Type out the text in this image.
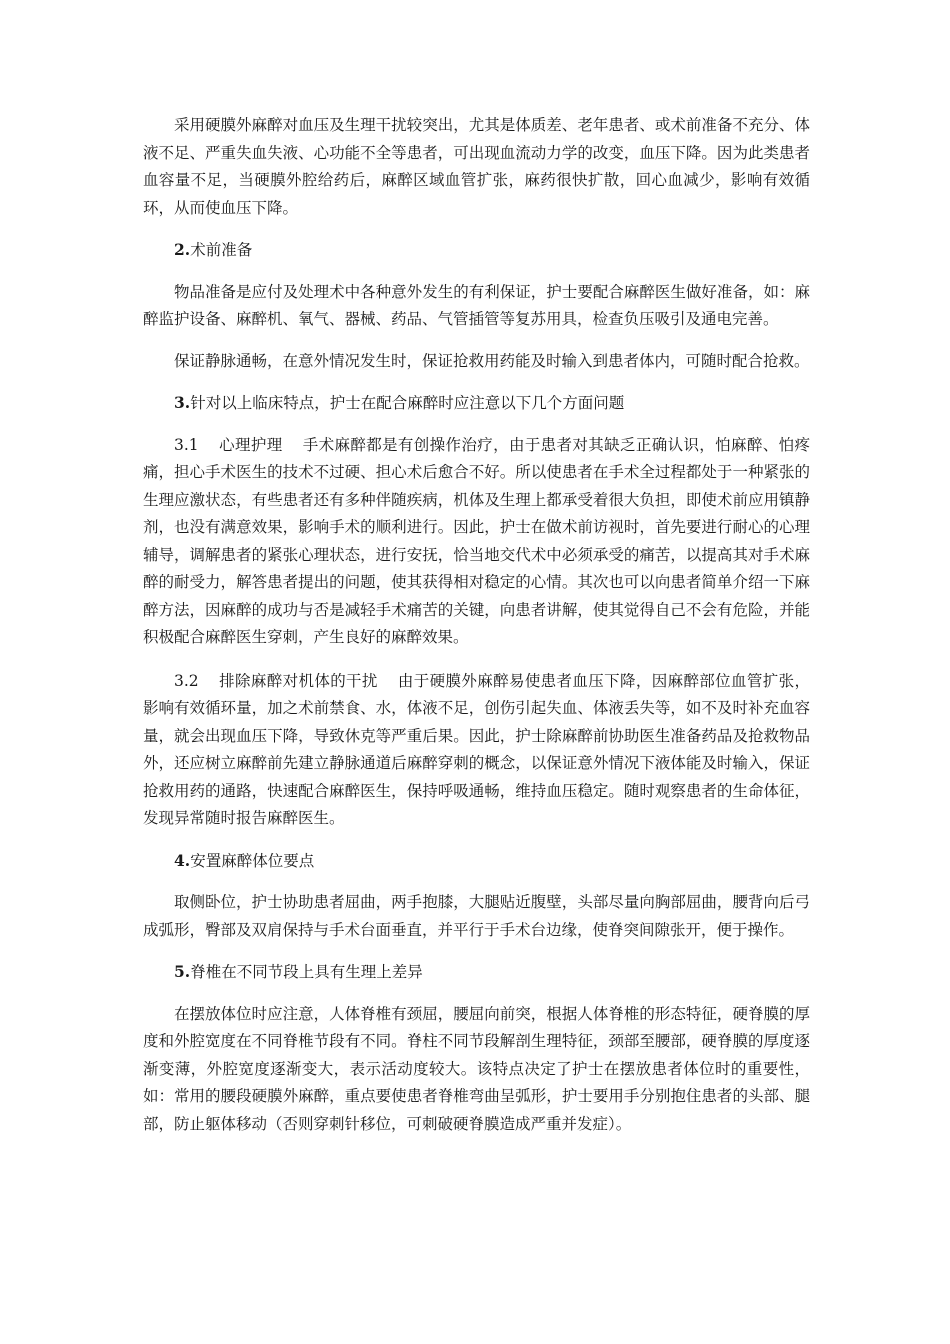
采用硬膜外麻醉对血压及生理干扰较突出，尤其是体质差、老年患者、或术前准备不充分、体液不足、严重失血失液、心功能不全等患者，可出现血流动力学的改变，血压下降。因为此类患者血容量不足，当硬膜外腔给药后，麻醉区域血管扩张，麻药很快扩散，回心血减少，影响有效循环，从而使血压下降。

2.术前准备

物品准备是应付及处理术中各种意外发生的有利保证，护士要配合麻醉医生做好准备，如：麻醉监护设备、麻醉机、氧气、器械、药品、气管插管等复苏用具，检查负压吸引及通电完善。

保证静脉通畅，在意外情况发生时，保证抢救用药能及时输入到患者体内，可随时配合抢救。

3.针对以上临床特点，护士在配合麻醉时应注意以下几个方面问题

3.1 心理护理 手术麻醉都是有创操作治疗，由于患者对其缺乏正确认识，怕麻醉、怕疼痛，担心手术医生的技术不过硬、担心术后愈合不好。所以使患者在手术全过程都处于一种紧张的生理应激状态，有些患者还有多种伴随疾病，机体及生理上都承受着很大负担，即使术前应用镇静剂，也没有满意效果，影响手术的顺利进行。因此，护士在做术前访视时，首先要进行耐心的心理辅导，调解患者的紧张心理状态，进行安抚，恰当地交代术中必须承受的痛苦，以提高其对手术麻醉的耐受力，解答患者提出的问题，使其获得相对稳定的心情。其次也可以向患者简单介绍一下麻醉方法，因麻醉的成功与否是减轻手术痛苦的关键，向患者讲解，使其觉得自己不会有危险，并能积极配合麻醉医生穿刺，产生良好的麻醉效果。

3.2 排除麻醉对机体的干扰 由于硬膜外麻醉易使患者血压下降，因麻醉部位血管扩张，影响有效循环量，加之术前禁食、水，体液不足，创伤引起失血、体液丢失等，如不及时补充血容量，就会出现血压下降，导致休克等严重后果。因此，护士除麻醉前协助医生准备药品及抢救物品外，还应树立麻醉前先建立静脉通道后麻醉穿刺的概念，以保证意外情况下液体能及时输入，保证抢救用药的通路，快速配合麻醉医生，保持呼吸通畅，维持血压稳定。随时观察患者的生命体征，发现异常随时报告麻醉医生。

4.安置麻醉体位要点

取侧卧位，护士协助患者屈曲，两手抱膝，大腿贴近腹壁，头部尽量向胸部屈曲，腰背向后弓成弧形，臀部及双肩保持与手术台面垂直，并平行于手术台边缘，使脊突间隙张开，便于操作。

5.脊椎在不同节段上具有生理上差异

在摆放体位时应注意，人体脊椎有颈屈，腰屈向前突，根据人体脊椎的形态特征，硬脊膜的厚度和外腔宽度在不同脊椎节段有不同。脊柱不同节段解剖生理特征，颈部至腰部，硬脊膜的厚度逐渐变薄，外腔宽度逐渐变大，表示活动度较大。该特点决定了护士在摆放患者体位时的重要性，如：常用的腰段硬膜外麻醉，重点要使患者脊椎弯曲呈弧形，护士要用手分别抱住患者的头部、腿部，防止躯体移动（否则穿刺针移位，可刺破硬脊膜造成严重并发症）。
